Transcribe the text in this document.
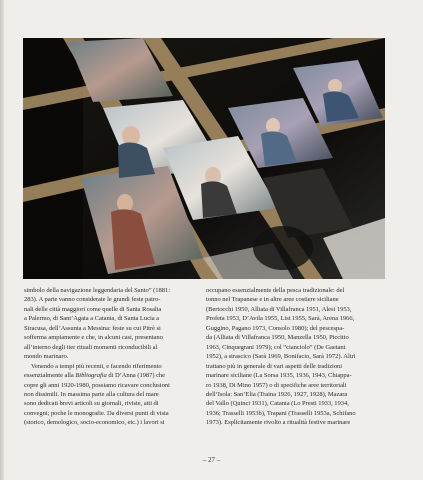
simbolo della navigazione leggendaria del Santo” (1881:
283). A parte vanno considerate le grandi feste patro-
nali delle città maggiori come quelle di Santa Rosalia
a Palermo, di Sant’Agata a Catania, di Santa Lucia a
Siracusa, dell’Assunta a Messina: feste su cui Pitrè si
sofferma ampiamente e che, in alcuni casi, presentano
all’interno degli iter rituali momenti riconducibili al
mondo marinaro.
Venendo a tempi più recenti, e facendo riferimento
essenzialmente alla Bibliografia di D’Anna (1987) che
copre gli anni 1920-1980, possiamo ricavare conclusioni
non dissimili. In massima parte alla cultura del mare
sono dedicati brevi articoli su giornali, riviste, atti di
convegni; poche le monografie. Da diversi punti di vista
(storico, demologico, socio-economico, etc.) i lavori si
occupano essenzialmente della pesca tradizionale: del
tonno nel Trapanese e in altre aree costiere siciliane
(Bertocchi 1950, Alliata di Villafranca 1951, Alesi 1953,
Profeta 1953, D’Avila 1955, List 1955, Sarà, Arena 1966,
Guggino, Pagano 1973, Consolo 1980); del pescespa-
da (Alliata di Villafranca 1950, Manzella 1950, Piccitto
1963, Cinquegrani 1979); col “cianciolo” (De Gaetani
1952), a strascico (Sarà 1969, Bonifacio, Sarà 1972). Altri
trattano più in generale di vari aspetti delle tradizioni
marinare siciliane (La Sorsa 1935, 1936, 1943, Chiappa-
ro 1938, Di Mino 1957) o di specifiche aree territoriali
dell’Isola: San’Elia (Traina 1926, 1927, 1928), Mazara
del Vallo (Quinci 1931), Catania (Lo Presti 1933, 1934,
1936; Trasselli 1953b), Trapani (Trasselli 1953a, Schifano
1973). Esplicitamente rivolto a ritualità festive marinare
– 27 –
